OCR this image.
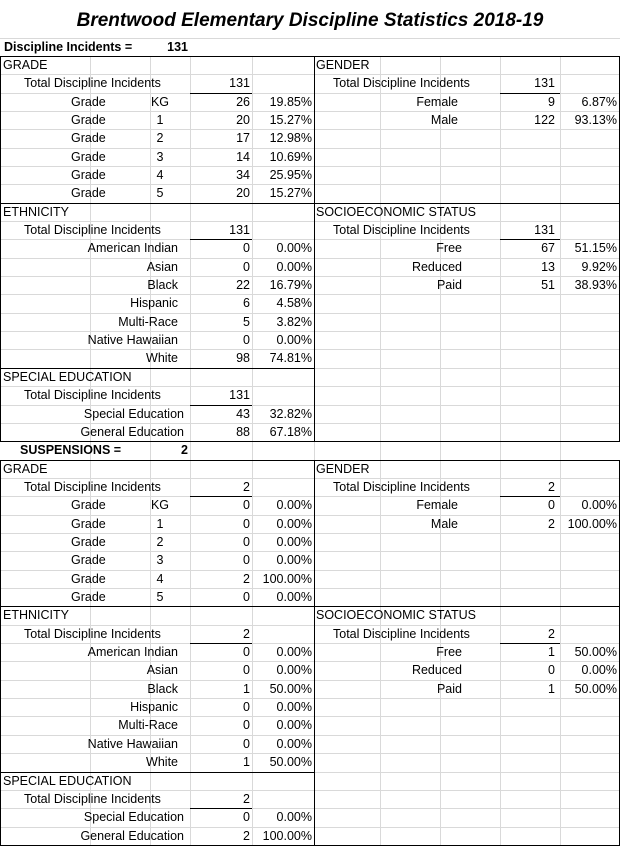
Brentwood Elementary Discipline Statistics 2018-19
Discipline Incidents =	131
GRADE
Total Discipline Incidents	131
Grade	KG	26	19.85%
Grade	1	20	15.27%
Grade	2	17	12.98%
Grade	3	14	10.69%
Grade	4	34	25.95%
Grade	5	20	15.27%
GENDER
Total Discipline Incidents	131
Female	9	6.87%
Male	122	93.13%
ETHNICITY
Total Discipline Incidents	131
American Indian	0	0.00%
Asian	0	0.00%
Black	22	16.79%
Hispanic	6	4.58%
Multi-Race	5	3.82%
Native Hawaiian	0	0.00%
White	98	74.81%
SOCIOECONOMIC STATUS
Total Discipline Incidents	131
Free	67	51.15%
Reduced	13	9.92%
Paid	51	38.93%
SPECIAL EDUCATION
Total Discipline Incidents	131
Special Education	43	32.82%
General Education	88	67.18%
SUSPENSIONS =	2
GRADE
Total Discipline Incidents	2
Grade	KG	0	0.00%
Grade	1	0	0.00%
Grade	2	0	0.00%
Grade	3	0	0.00%
Grade	4	2	100.00%
Grade	5	0	0.00%
GENDER
Total Discipline Incidents	2
Female	0	0.00%
Male	2	100.00%
ETHNICITY
Total Discipline Incidents	2
American Indian	0	0.00%
Asian	0	0.00%
Black	1	50.00%
Hispanic	0	0.00%
Multi-Race	0	0.00%
Native Hawaiian	0	0.00%
White	1	50.00%
SOCIOECONOMIC STATUS
Total Discipline Incidents	2
Free	1	50.00%
Reduced	0	0.00%
Paid	1	50.00%
SPECIAL EDUCATION
Total Discipline Incidents	2
Special Education	0	0.00%
General Education	2	100.00%
